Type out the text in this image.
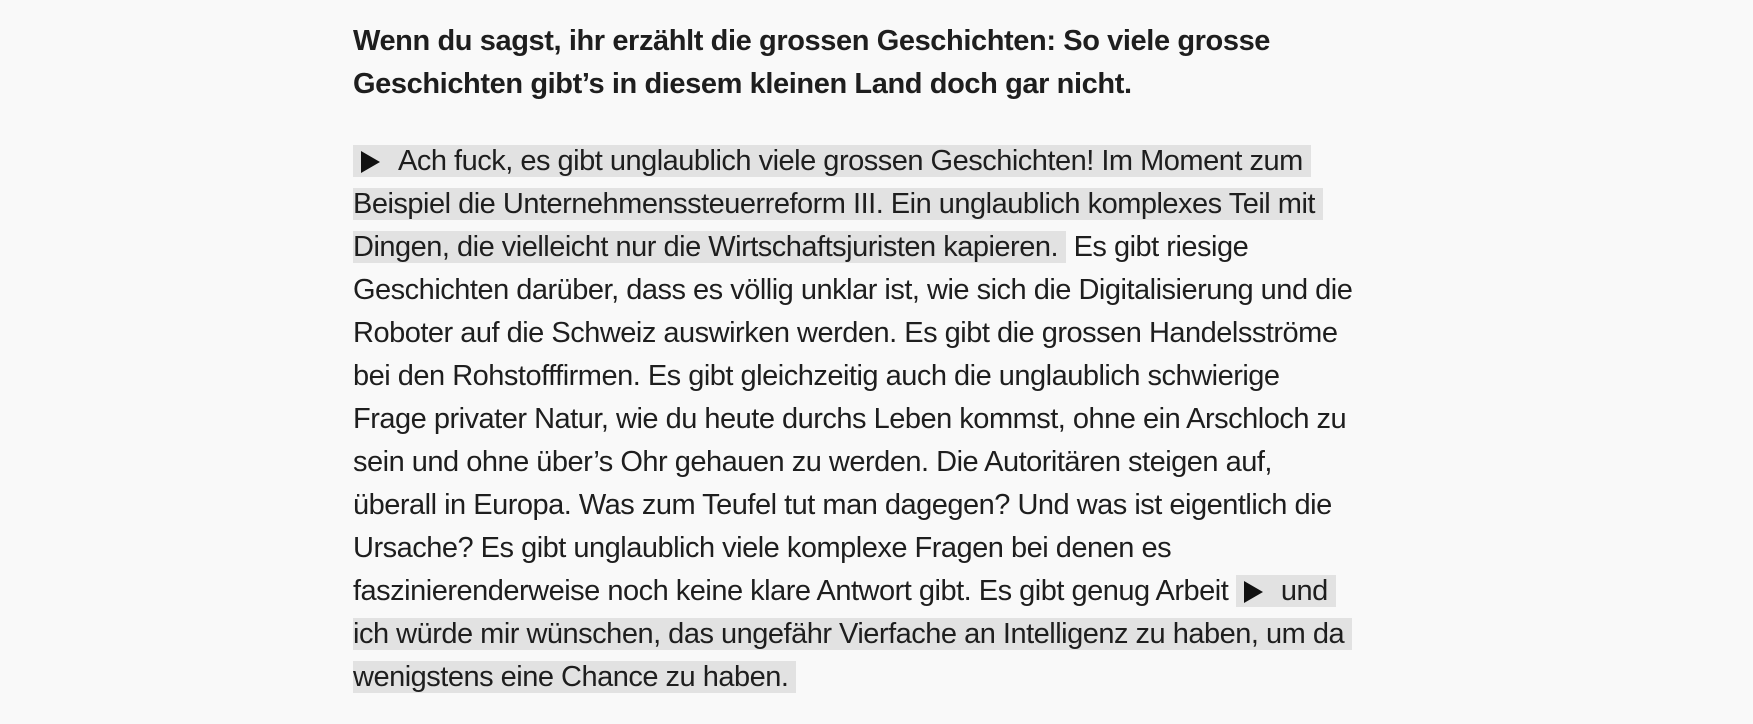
Wenn du sagst, ihr erzählt die grossen Geschichten: So viele grosse
Geschichten gibt’s in diesem kleinen Land doch gar nicht.

Ach fuck, es gibt unglaublich viele grossen Geschichten! Im Moment zum Beispiel die Unternehmenssteuerreform III. Ein unglaublich komplexes Teil mit Dingen, die vielleicht nur die Wirtschaftsjuristen kapieren. Es gibt riesige Geschichten darüber, dass es völlig unklar ist, wie sich die Digitalisierung und die Roboter auf die Schweiz auswirken werden. Es gibt die grossen Handelsströme bei den Rohstofffirmen. Es gibt gleichzeitig auch die unglaublich schwierige Frage privater Natur, wie du heute durchs Leben kommst, ohne ein Arschloch zu sein und ohne über’s Ohr gehauen zu werden. Die Autoritären steigen auf, überall in Europa. Was zum Teufel tut man dagegen? Und was ist eigentlich die Ursache? Es gibt unglaublich viele komplexe Fragen bei denen es faszinierenderweise noch keine klare Antwort gibt. Es gibt genug Arbeit und ich würde mir wünschen, das ungefähr Vierfache an Intelligenz zu haben, um da wenigstens eine Chance zu haben.
